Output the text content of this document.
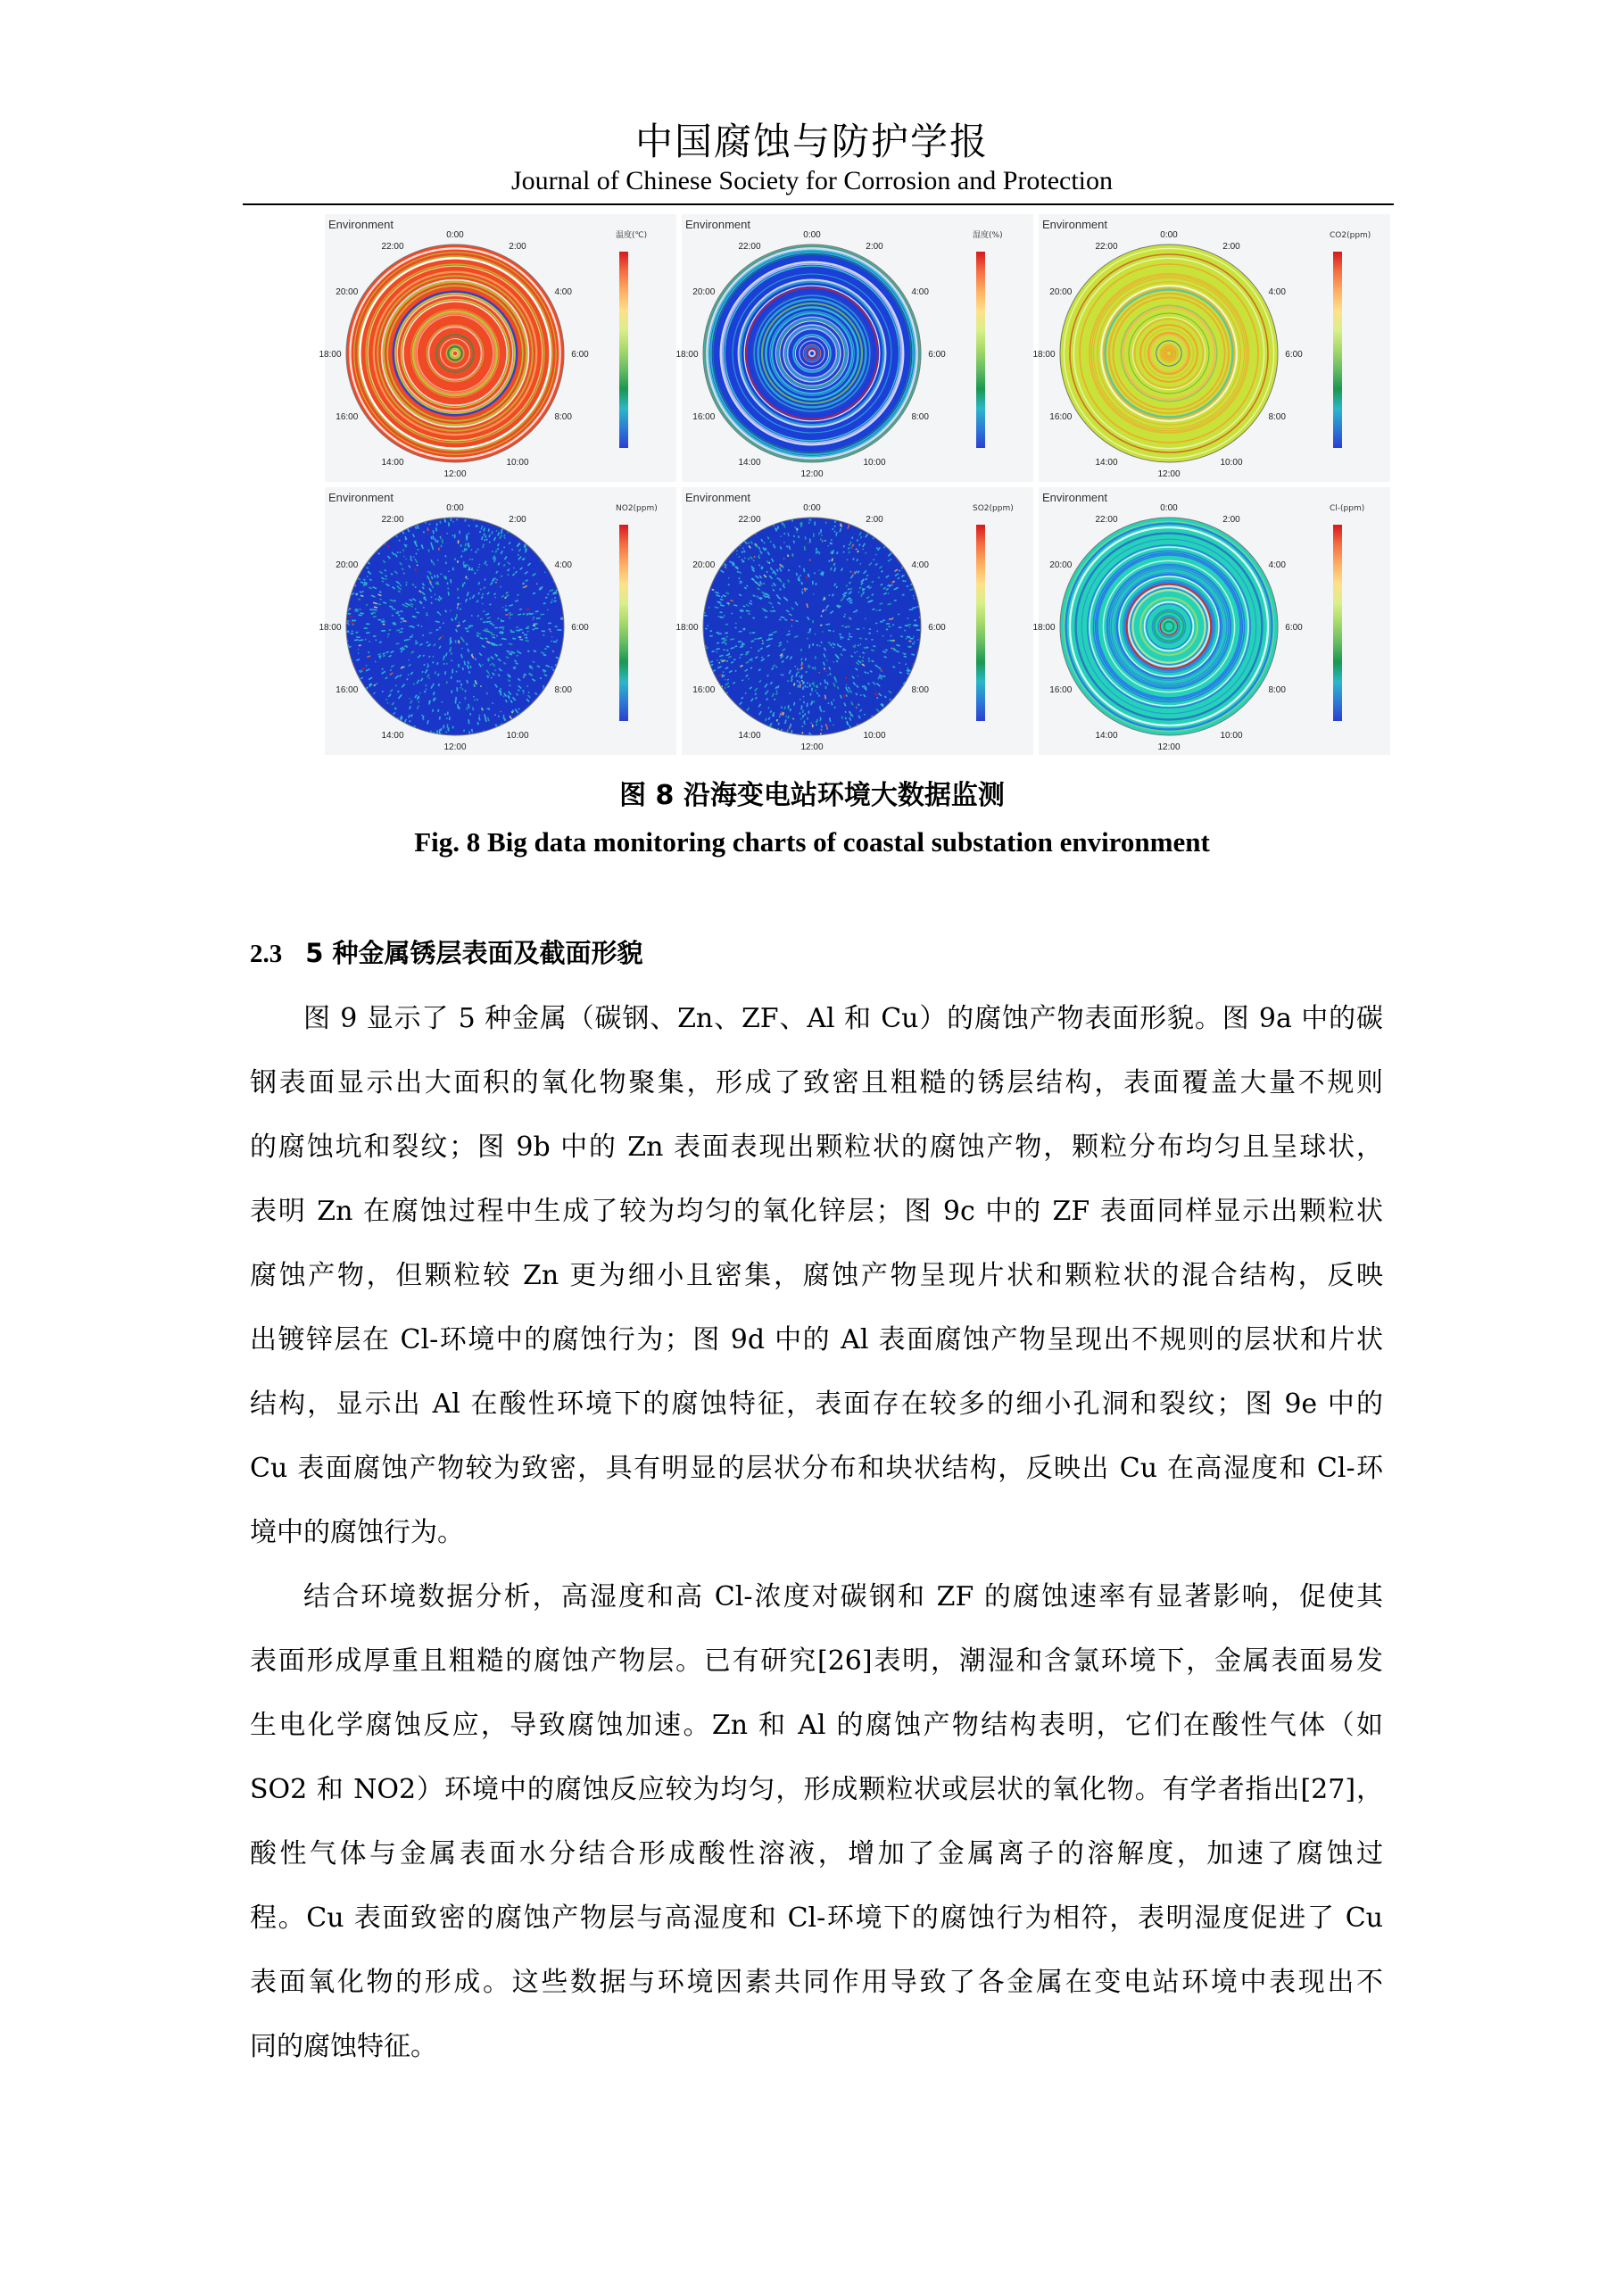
中国腐蚀与防护学报
Journal of Chinese Society for Corrosion and Protection
Environment
0:00
2:00
4:00
6:00
8:00
10:00
12:00
14:00
16:00
18:00
20:00
22:00
温度(℃)
Environment
0:00
2:00
4:00
6:00
8:00
10:00
12:00
14:00
16:00
18:00
20:00
22:00
湿度(%)
Environment
0:00
2:00
4:00
6:00
8:00
10:00
12:00
14:00
16:00
18:00
20:00
22:00
CO2(ppm)
Environment
0:00
2:00
4:00
6:00
8:00
10:00
12:00
14:00
16:00
18:00
20:00
22:00
NO2(ppm)
Environment
0:00
2:00
4:00
6:00
8:00
10:00
12:00
14:00
16:00
18:00
20:00
22:00
SO2(ppm)
Environment
0:00
2:00
4:00
6:00
8:00
10:00
12:00
14:00
16:00
18:00
20:00
22:00
Cl-(ppm)
图 8 沿海变电站环境大数据监测
Fig. 8 Big data monitoring charts of coastal substation environment
2.3 5 种金属锈层表面及截面形貌
图 9 显示了 5 种金属（碳钢、Zn、ZF、Al 和 Cu）的腐蚀产物表面形貌。图 9a 中的碳
钢表面显示出大面积的氧化物聚集，形成了致密且粗糙的锈层结构，表面覆盖大量不规则
的腐蚀坑和裂纹；图 9b 中的 Zn 表面表现出颗粒状的腐蚀产物，颗粒分布均匀且呈球状，
表明 Zn 在腐蚀过程中生成了较为均匀的氧化锌层；图 9c 中的 ZF 表面同样显示出颗粒状
腐蚀产物，但颗粒较 Zn 更为细小且密集，腐蚀产物呈现片状和颗粒状的混合结构，反映
出镀锌层在 Cl-环境中的腐蚀行为；图 9d 中的 Al 表面腐蚀产物呈现出不规则的层状和片状
结构，显示出 Al 在酸性环境下的腐蚀特征，表面存在较多的细小孔洞和裂纹；图 9e 中的
Cu 表面腐蚀产物较为致密，具有明显的层状分布和块状结构，反映出 Cu 在高湿度和 Cl-环
境中的腐蚀行为。
结合环境数据分析，高湿度和高 Cl-浓度对碳钢和 ZF 的腐蚀速率有显著影响，促使其
表面形成厚重且粗糙的腐蚀产物层。已有研究[26]表明，潮湿和含氯环境下，金属表面易发
生电化学腐蚀反应，导致腐蚀加速。Zn 和 Al 的腐蚀产物结构表明，它们在酸性气体（如
SO2 和 NO2）环境中的腐蚀反应较为均匀，形成颗粒状或层状的氧化物。有学者指出[27]，
酸性气体与金属表面水分结合形成酸性溶液，增加了金属离子的溶解度，加速了腐蚀过
程。Cu 表面致密的腐蚀产物层与高湿度和 Cl-环境下的腐蚀行为相符，表明湿度促进了 Cu
表面氧化物的形成。这些数据与环境因素共同作用导致了各金属在变电站环境中表现出不
同的腐蚀特征。
